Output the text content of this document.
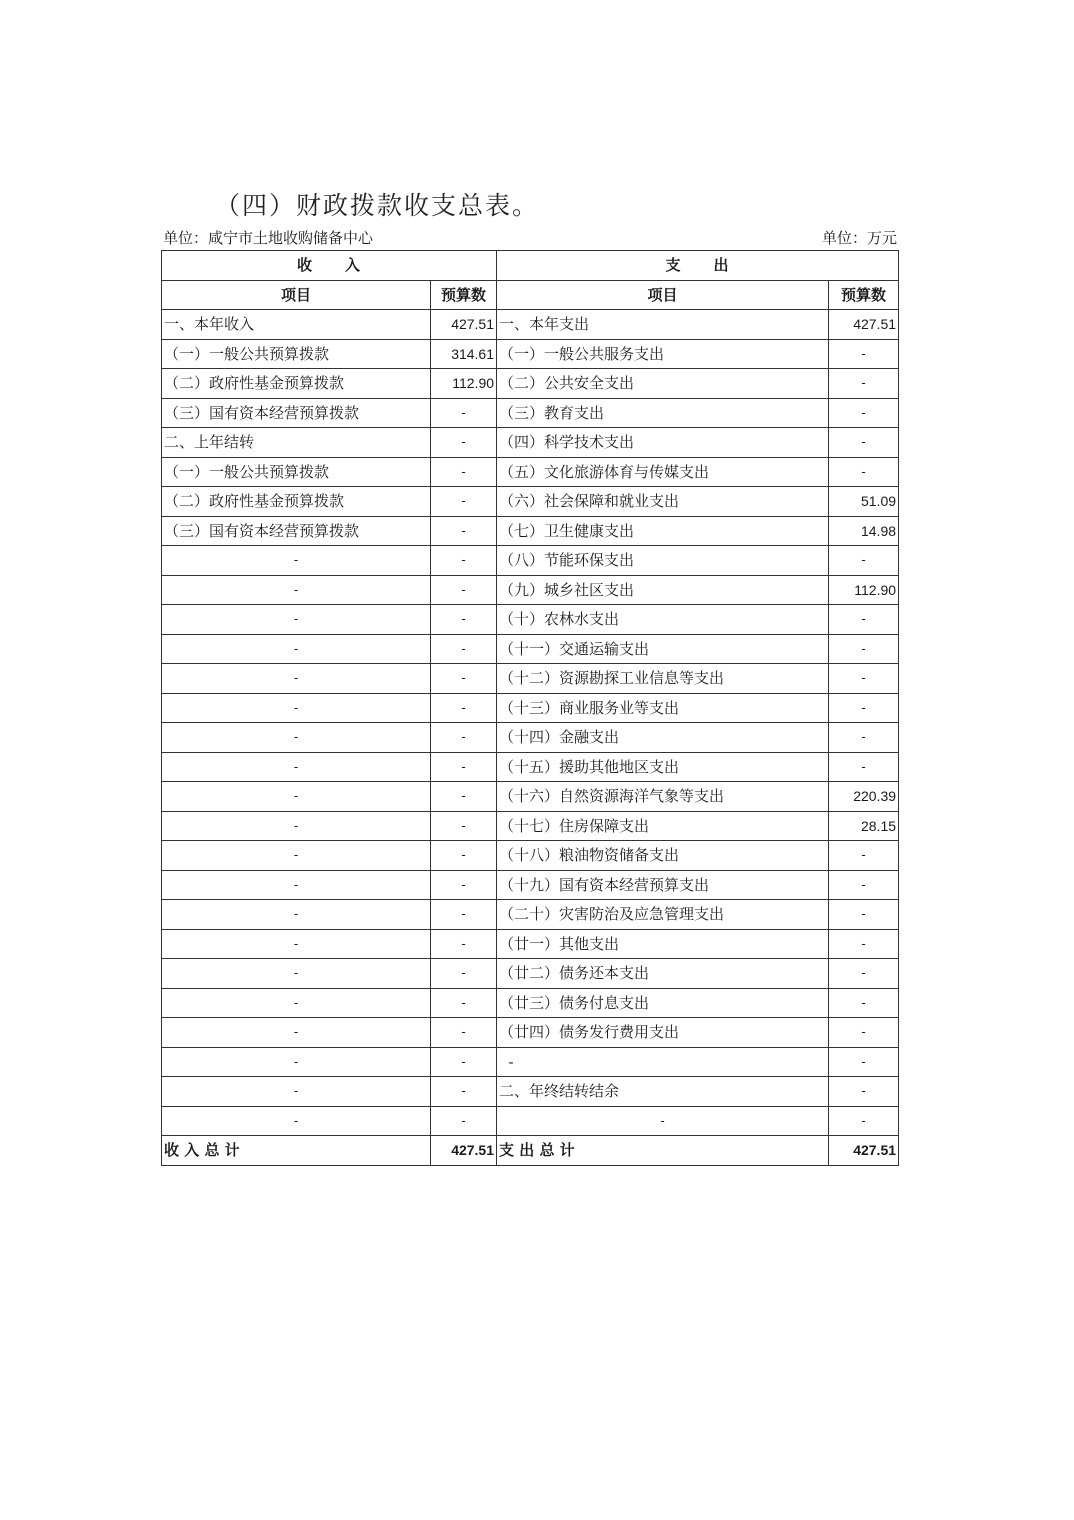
（四）财政拨款收支总表。
单位：咸宁市土地收购储备中心	单位：万元
收　　入		支　　出	
项目	预算数	项目	预算数
一、本年收入	427.51	一、本年支出	427.51
（一）一般公共预算拨款	314.61	（一）一般公共服务支出	-
（二）政府性基金预算拨款	112.90	（二）公共安全支出	-
（三）国有资本经营预算拨款	-	（三）教育支出	-
二、上年结转	-	（四）科学技术支出	-
（一）一般公共预算拨款	-	（五）文化旅游体育与传媒支出	-
（二）政府性基金预算拨款	-	（六）社会保障和就业支出	51.09
（三）国有资本经营预算拨款	-	（七）卫生健康支出	14.98
-	-	（八）节能环保支出	-
-	-	（九）城乡社区支出	112.90
-	-	（十）农林水支出	-
-	-	（十一）交通运输支出	-
-	-	（十二）资源勘探工业信息等支出	-
-	-	（十三）商业服务业等支出	-
-	-	（十四）金融支出	-
-	-	（十五）援助其他地区支出	-
-	-	（十六）自然资源海洋气象等支出	220.39
-	-	（十七）住房保障支出	28.15
-	-	（十八）粮油物资储备支出	-
-	-	（十九）国有资本经营预算支出	-
-	-	（二十）灾害防治及应急管理支出	-
-	-	（廿一）其他支出	-
-	-	（廿二）债务还本支出	-
-	-	（廿三）债务付息支出	-
-	-	（廿四）债务发行费用支出	-
-	-	-	-
-	-	二、年终结转结余	-
-	-	-	-
收 入 总 计	427.51	支 出 总 计	427.51
